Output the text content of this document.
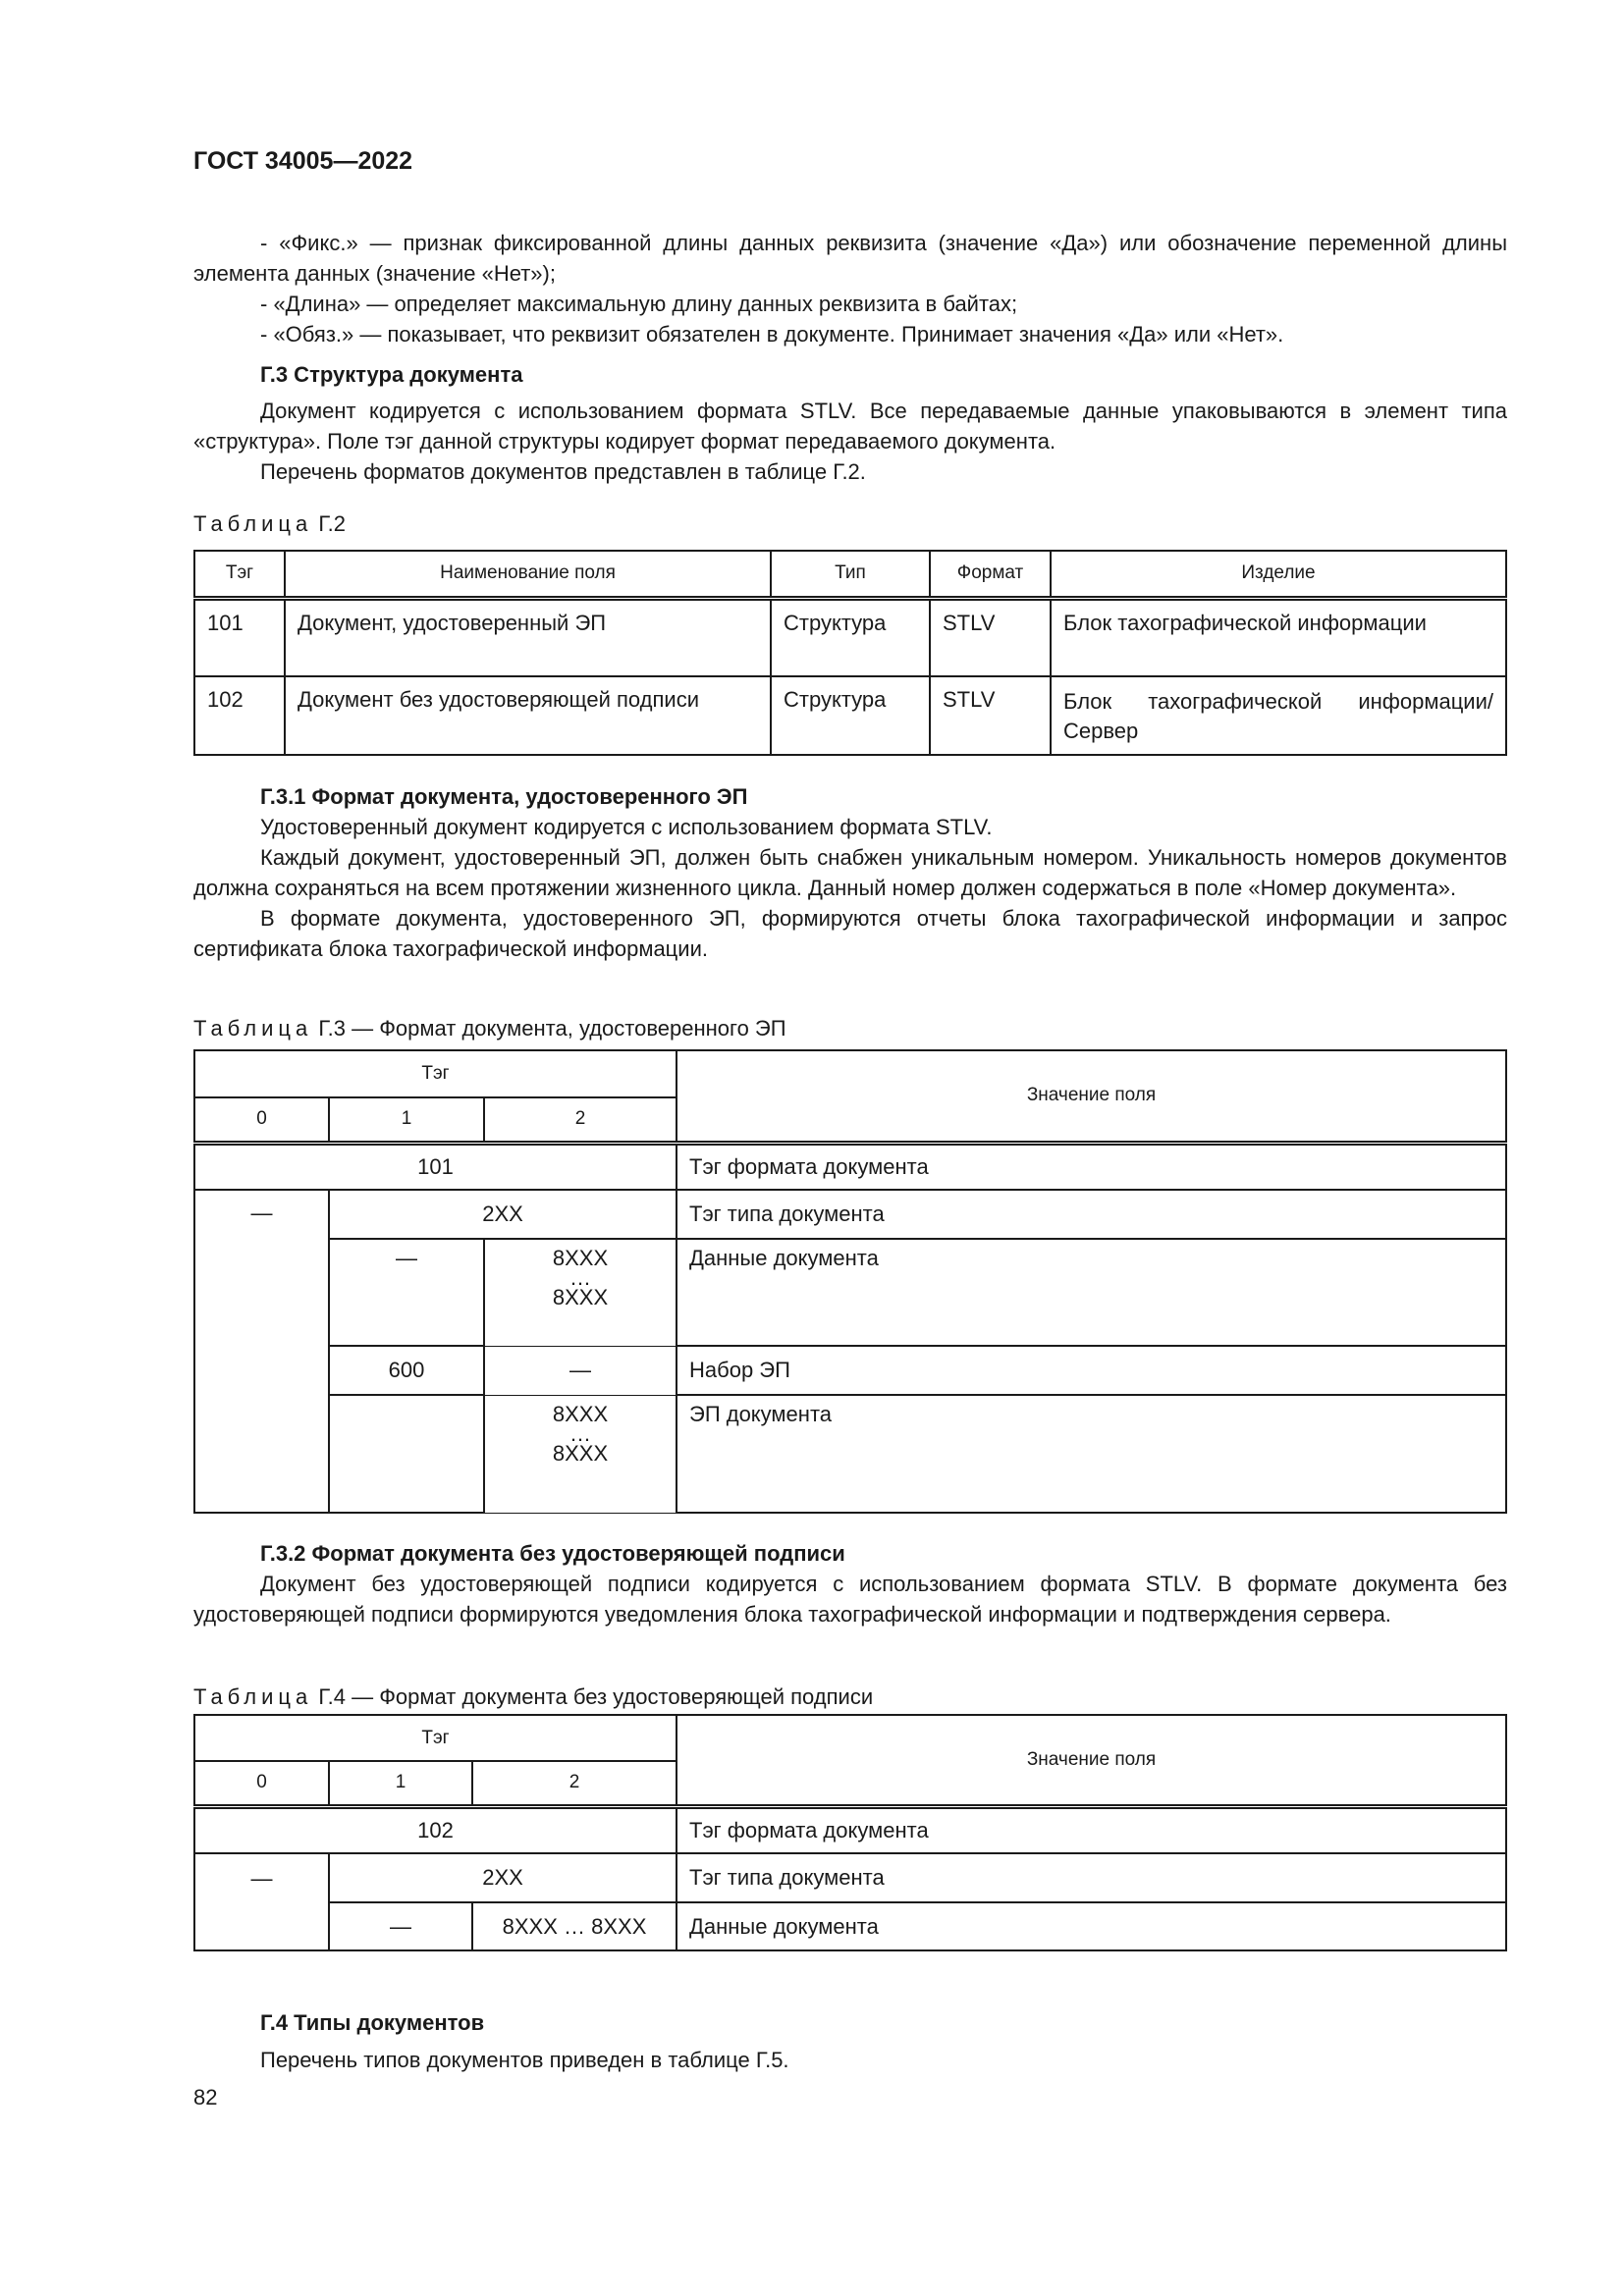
ГОСТ 34005—2022

- «Фикс.» — признак фиксированной длины данных реквизита (значение «Да») или обозначение переменной длины элемента данных (значение «Нет»);

- «Длина» — определяет максимальную длину данных реквизита в байтах;

- «Обяз.» — показывает, что реквизит обязателен в документе. Принимает значения «Да» или «Нет».

Г.3 Структура документа

Документ кодируется с использованием формата STLV. Все передаваемые данные упаковываются в элемент типа «структура». Поле тэг данной структуры кодирует формат передаваемого документа.

Перечень форматов документов представлен в таблице Г.2.

Таблица Г.2
Тэг	Наименование поля	Тип	Формат	Изделие
101	Документ, удостоверенный ЭП	Структура	STLV	Блок тахографической информации
102	Документ без удостоверяющей подписи	Структура	STLV	Блок тахографической информации/ Сервер

Г.3.1 Формат документа, удостоверенного ЭП

Удостоверенный документ кодируется с использованием формата STLV.

Каждый документ, удостоверенный ЭП, должен быть снабжен уникальным номером. Уникальность номеров документов должна сохраняться на всем протяжении жизненного цикла. Данный номер должен содержаться в поле «Номер документа».

В формате документа, удостоверенного ЭП, формируются отчеты блока тахографической информации и запрос сертификата блока тахографической информации.

Таблица Г.3 — Формат документа, удостоверенного ЭП
Тэг			Значение поля
0	1	2	
101			Тэг формата документа
—	2XX		Тэг типа документа
	—	8XXX
…
8XXX	Данные документа
	600	—	Набор ЭП

		8XXX
…
8XXX	ЭП документа

Г.3.2 Формат документа без удостоверяющей подписи

Документ без удостоверяющей подписи кодируется с использованием формата STLV. В формате документа без удостоверяющей подписи формируются уведомления блока тахографической информации и подтверждения сервера.

Таблица Г.4 — Формат документа без удостоверяющей подписи
Тэг			Значение поля
0	1	2	
102			Тэг формата документа
—	2XX		Тэг типа документа
	—	8XXX … 8XXX	Данные документа

Г.4 Типы документов

Перечень типов документов приведен в таблице Г.5.

82
